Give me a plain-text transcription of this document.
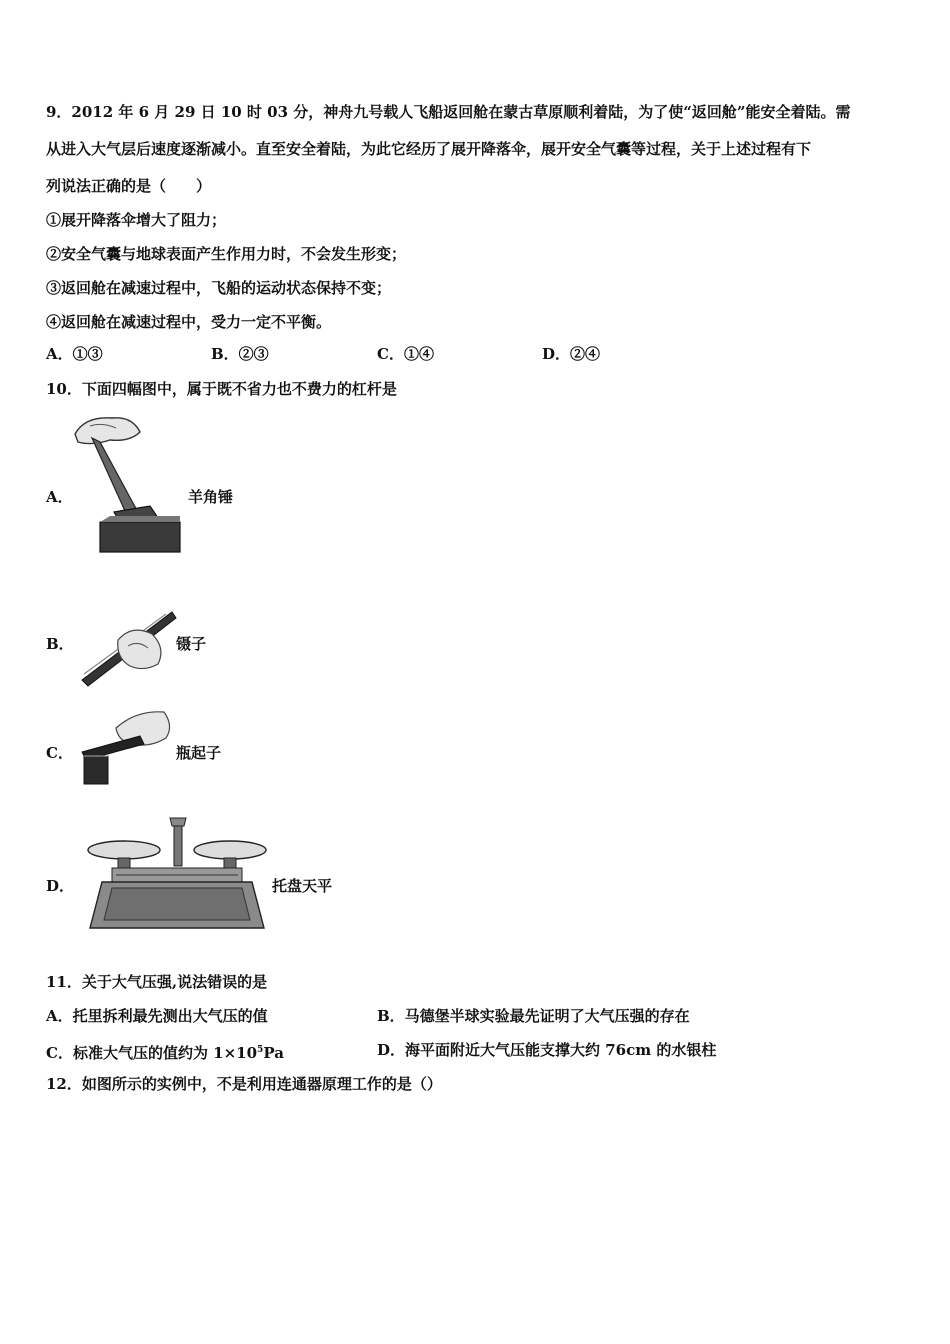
9．2012 年 6 月 29 日 10 时 03 分，神舟九号载人飞船返回舱在蒙古草原顺利着陆，为了使“返回舱”能安全着陆。需
从进入大气层后速度逐渐减小。直至安全着陆，为此它经历了展开降落伞，展开安全气囊等过程，关于上述过程有下
列说法正确的是（　　）
①展开降落伞增大了阻力；
②安全气囊与地球表面产生作用力时，不会发生形变；
③返回舱在减速过程中，飞船的运动状态保持不变；
④返回舱在减速过程中，受力一定不平衡。
A．①③	B．②③	C．①④	D．②④
10．下面四幅图中，属于既不省力也不费力的杠杆是
A．	羊角锤
B．	镊子
C．	瓶起子
D．	托盘天平
11．关于大气压强,说法错误的是
A．托里拆利最先测出大气压的值	B．马德堡半球实验最先证明了大气压强的存在
C．标准大气压的值约为 $1\times 10^5Pa$	D．海平面附近大气压能支撑大约 76cm 的水银柱
12．如图所示的实例中，不是利用连通器原理工作的是（）
